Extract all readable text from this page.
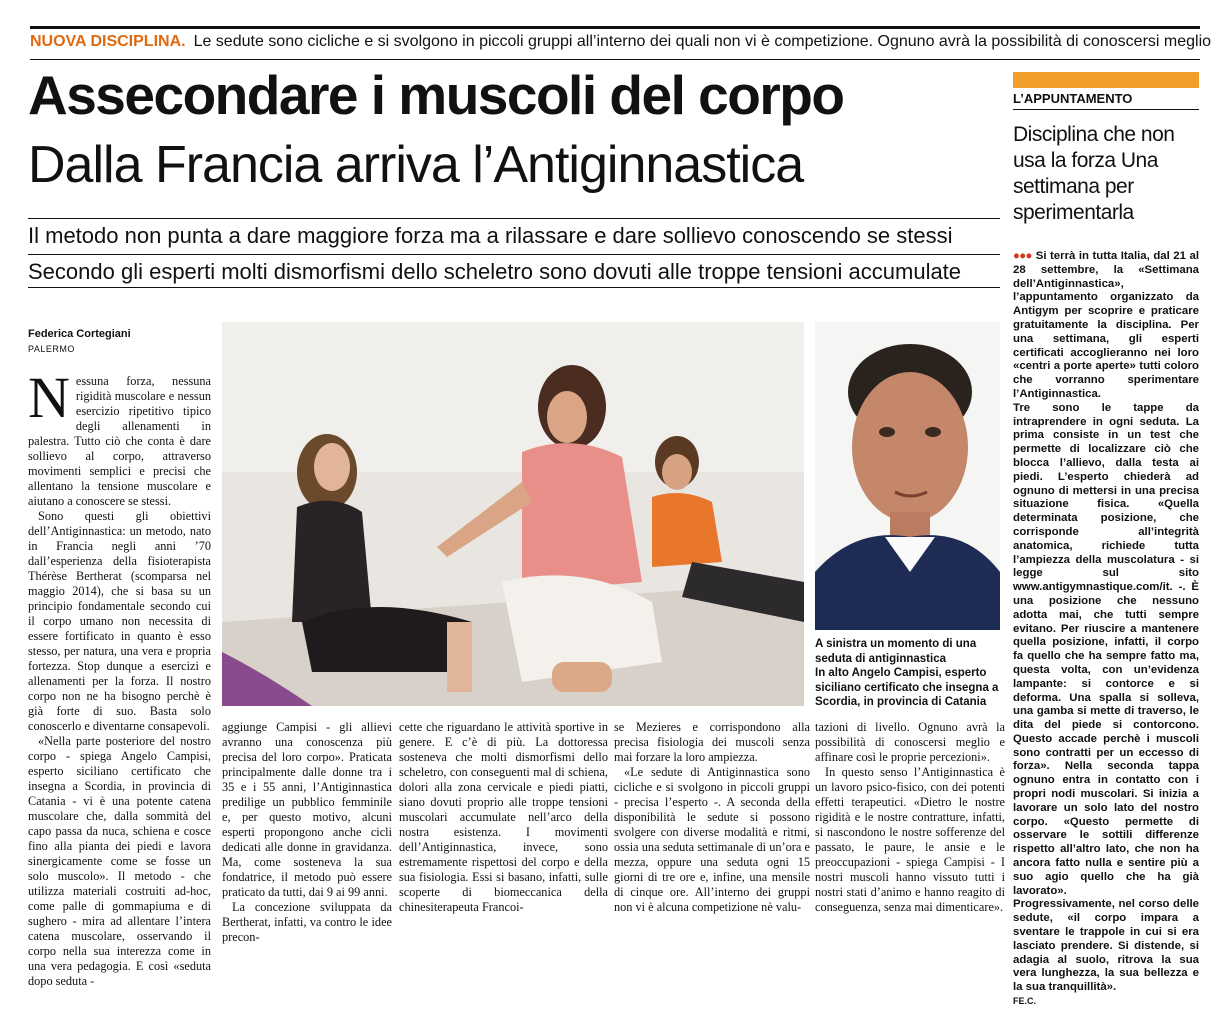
NUOVA DISCIPLINA. Le sedute sono cicliche e si svolgono in piccoli gruppi all’interno dei quali non vi è competizione. Ognuno avrà la possibilità di conoscersi meglio
Assecondare i muscoli del corpo
Dalla Francia arriva l’Antiginnastica
Il metodo non punta a dare maggiore forza ma a rilassare e dare sollievo conoscendo se stessi
Secondo gli esperti molti dismorfismi dello scheletro sono dovuti alle troppe tensioni accumulate
Federica Cortegiani
PALERMO
N essuna forza, nessuna rigidità muscolare e nessun esercizio ripetitivo tipico degli allenamenti in palestra. Tutto ciò che conta è dare sollievo al corpo, attraverso movimenti semplici e precisi che allentano la tensione muscolare e aiutano a conoscere se stessi.

Sono questi gli obiettivi dell’Antiginnastica: un metodo, nato in Francia negli anni ’70 dall’esperienza della fisioterapista Thérèse Bertherat (scomparsa nel maggio 2014), che si basa su un principio fondamentale secondo cui il corpo umano non necessita di essere fortificato in quanto è esso stesso, per natura, una vera e propria fortezza. Stop dunque a esercizi e allenamenti per la forza. Il nostro corpo non ne ha bisogno perchè è già forte di suo. Basta solo conoscerlo e diventarne consapevoli.

«Nella parte posteriore del nostro corpo - spiega Angelo Campisi, esperto siciliano certificato che insegna a Scordia, in provincia di Catania - vi è una potente catena muscolare che, dalla sommità del capo passa da nuca, schiena e cosce fino alla pianta dei piedi e lavora sinergicamente come se fosse un solo muscolo». Il metodo - che utilizza materiali costruiti ad-hoc, come palle di gommapiuma e di sughero - mira ad allentare l’intera catena muscolare, osservando il corpo nella sua interezza come in una vera pedagogia. E così «seduta dopo seduta -

A sinistra un momento di una seduta di antiginnastica
In alto Angelo Campisi, esperto siciliano certificato che insegna a Scordia, in provincia di Catania

aggiunge Campisi - gli allievi avranno una conoscenza più precisa del loro corpo». Praticata principalmente dalle donne tra i 35 e i 55 anni, l’Antiginnastica predilige un pubblico femminile e, per questo motivo, alcuni esperti propongono anche cicli dedicati alle donne in gravidanza. Ma, come sosteneva la sua fondatrice, il metodo può essere praticato da tutti, dai 9 ai 99 anni.

La concezione sviluppata da Bertherat, infatti, va contro le idee precon-

cette che riguardano le attività sportive in genere. E c’è di più. La dottoressa sosteneva che molti dismorfismi dello scheletro, con conseguenti mal di schiena, dolori alla zona cervicale e piedi piatti, siano dovuti proprio alle troppe tensioni muscolari accumulate nell’arco della nostra esistenza. I movimenti dell’Antiginnastica, invece, sono estremamente rispettosi del corpo e della sua fisiologia. Essi si basano, infatti, sulle scoperte di biomeccanica della chinesiterapeuta Francoi-

se Mezieres e corrispondono alla precisa fisiologia dei muscoli senza mai forzare la loro ampiezza.

«Le sedute di Antiginnastica sono cicliche e si svolgono in piccoli gruppi - precisa l’esperto -. A seconda della disponibilità le sedute si possono svolgere con diverse modalità e ritmi, ossia una seduta settimanale di un’ora e mezza, oppure una seduta ogni 15 giorni di tre ore e, infine, una mensile di cinque ore. All’interno dei gruppi non vi è alcuna competizione nè valu-

tazioni di livello. Ognuno avrà la possibilità di conoscersi meglio e affinare così le proprie percezioni».

In questo senso l’Antiginnastica è un lavoro psico-fisico, con dei potenti effetti terapeutici. «Dietro le nostre rigidità e le nostre contratture, infatti, si nascondono le nostre sofferenze del passato, le paure, le ansie e le preoccupazioni - spiega Campisi - I nostri muscoli hanno vissuto tutti i nostri stati d’animo e hanno reagito di conseguenza, senza mai dimenticare».

L’APPUNTAMENTO
Disciplina che non usa la forza Una settimana per sperimentarla

●●● Si terrà in tutta Italia, dal 21 al 28 settembre, la «Settimana dell’Antiginnastica», l’appuntamento organizzato da Antigym per scoprire e praticare gratuitamente la disciplina. Per una settimana, gli esperti certificati accoglieranno nei loro «centri a porte aperte» tutti coloro che vorranno sperimentare l’Antiginnastica.

Tre sono le tappe da intraprendere in ogni seduta. La prima consiste in un test che permette di localizzare ciò che blocca l’allievo, dalla testa ai piedi. L’esperto chiederà ad ognuno di mettersi in una precisa situazione fisica. «Quella determinata posizione, che corrisponde all’integrità anatomica, richiede tutta l’ampiezza della muscolatura - si legge sul sito www.antigymnastique.com/it. -. È una posizione che nessuno adotta mai, che tutti sempre evitano. Per riuscire a mantenere quella posizione, infatti, il corpo fa quello che ha sempre fatto ma, questa volta, con un’evidenza lampante: si contorce e si deforma. Una spalla si solleva, una gamba si mette di traverso, le dita del piede si contorcono. Questo accade perchè i muscoli sono contratti per un eccesso di forza». Nella seconda tappa ognuno entra in contatto con i propri nodi muscolari. Si inizia a lavorare un solo lato del nostro corpo. «Questo permette di osservare le sottili differenze rispetto all’altro lato, che non ha ancora fatto nulla e sentire più a suo agio quello che ha già lavorato».

Progressivamente, nel corso delle sedute, «il corpo impara a sventare le trappole in cui si era lasciato prendere. Si distende, si adagia al suolo, ritrova la sua vera lunghezza, la sua bellezza e la sua tranquillità».

FE.C.
